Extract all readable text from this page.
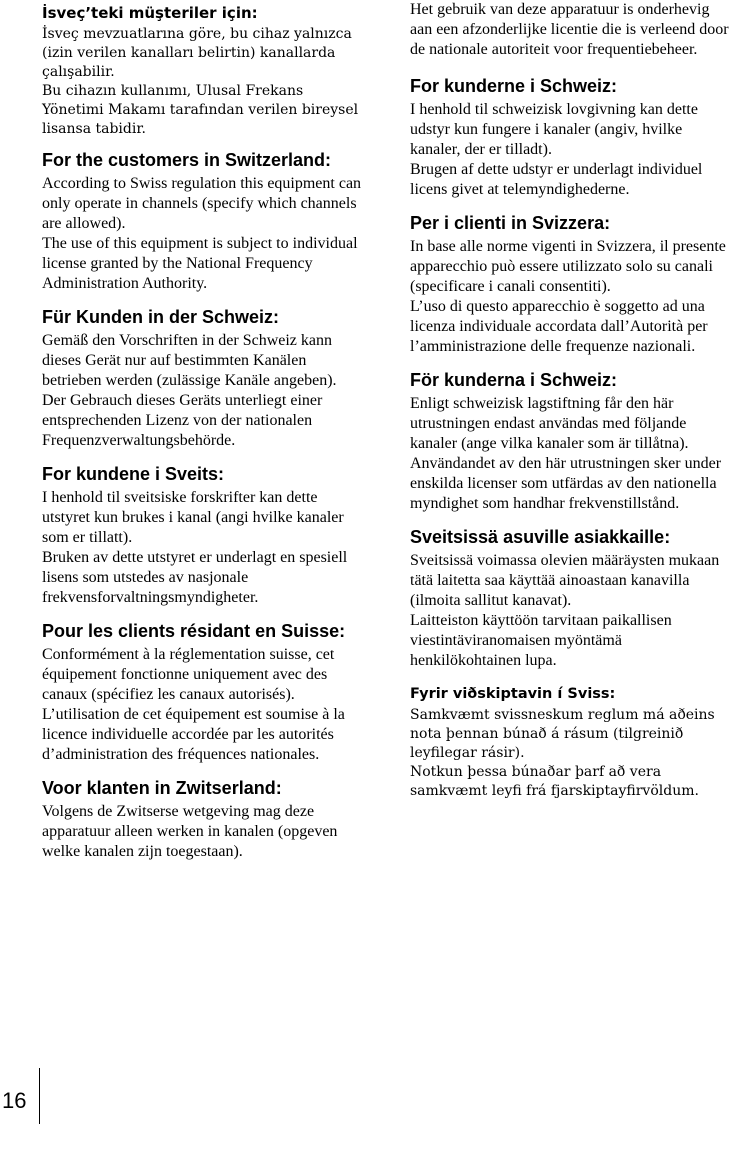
İsveç’teki müşteriler için:

İsveç mevzuatlarına göre, bu cihaz yalnızca (izin verilen kanalları belirtin) kanallarda çalışabilir.
Bu cihazın kullanımı, Ulusal Frekans Yönetimi Makamı tarafından verilen bireysel lisansa tabidir.

For the customers in Switzerland:

According to Swiss regulation this equipment can only operate in channels (specify which channels are allowed).
The use of this equipment is subject to individual license granted by the National Frequency Administration Authority.

Für Kunden in der Schweiz:

Gemäß den Vorschriften in der Schweiz kann dieses Gerät nur auf bestimmten Kanälen betrieben werden (zulässige Kanäle angeben).
Der Gebrauch dieses Geräts unterliegt einer entsprechenden Lizenz von der nationalen Frequenzverwaltungsbehörde.

For kundene i Sveits:

I henhold til sveitsiske forskrifter kan dette utstyret kun brukes i kanal (angi hvilke kanaler som er tillatt).
Bruken av dette utstyret er underlagt en spesiell lisens som utstedes av nasjonale frekvensforvaltningsmyndigheter.

Pour les clients résidant en Suisse:

Conformément à la réglementation suisse, cet équipement fonctionne uniquement avec des canaux (spécifiez les canaux autorisés).
L’utilisation de cet équipement est soumise à la licence individuelle accordée par les autorités d’administration des fréquences nationales.

Voor klanten in Zwitserland:

Volgens de Zwitserse wetgeving mag deze apparatuur alleen werken in kanalen (opgeven welke kanalen zijn toegestaan).

Het gebruik van deze apparatuur is onderhevig aan een afzonderlijke licentie die is verleend door de nationale autoriteit voor frequentiebeheer.

For kunderne i Schweiz:

I henhold til schweizisk lovgivning kan dette udstyr kun fungere i kanaler (angiv, hvilke kanaler, der er tilladt).
Brugen af dette udstyr er underlagt individuel licens givet at telemyndighederne.

Per i clienti in Svizzera:

In base alle norme vigenti in Svizzera, il presente apparecchio può essere utilizzato solo su canali (specificare i canali consentiti).
L’uso di questo apparecchio è soggetto ad una licenza individuale accordata dall’Autorità per l’amministrazione delle frequenze nazionali.

För kunderna i Schweiz:

Enligt schweizisk lagstiftning får den här utrustningen endast användas med följande kanaler (ange vilka kanaler som är tillåtna).
Användandet av den här utrustningen sker under enskilda licenser som utfärdas av den nationella myndighet som handhar frekvenstillstånd.

Sveitsissä asuville asiakkaille:

Sveitsissä voimassa olevien määräysten mukaan tätä laitetta saa käyttää ainoastaan kanavilla (ilmoita sallitut kanavat).
Laitteiston käyttöön tarvitaan paikallisen viestintäviranomaisen myöntämä henkilökohtainen lupa.

Fyrir viðskiptavin í Sviss:

Samkvæmt svissneskum reglum má aðeins nota þennan búnað á rásum (tilgreinið leyfilegar rásir).
Notkun þessa búnaðar þarf að vera samkvæmt leyfi frá fjarskiptayfirvöldum.

16
